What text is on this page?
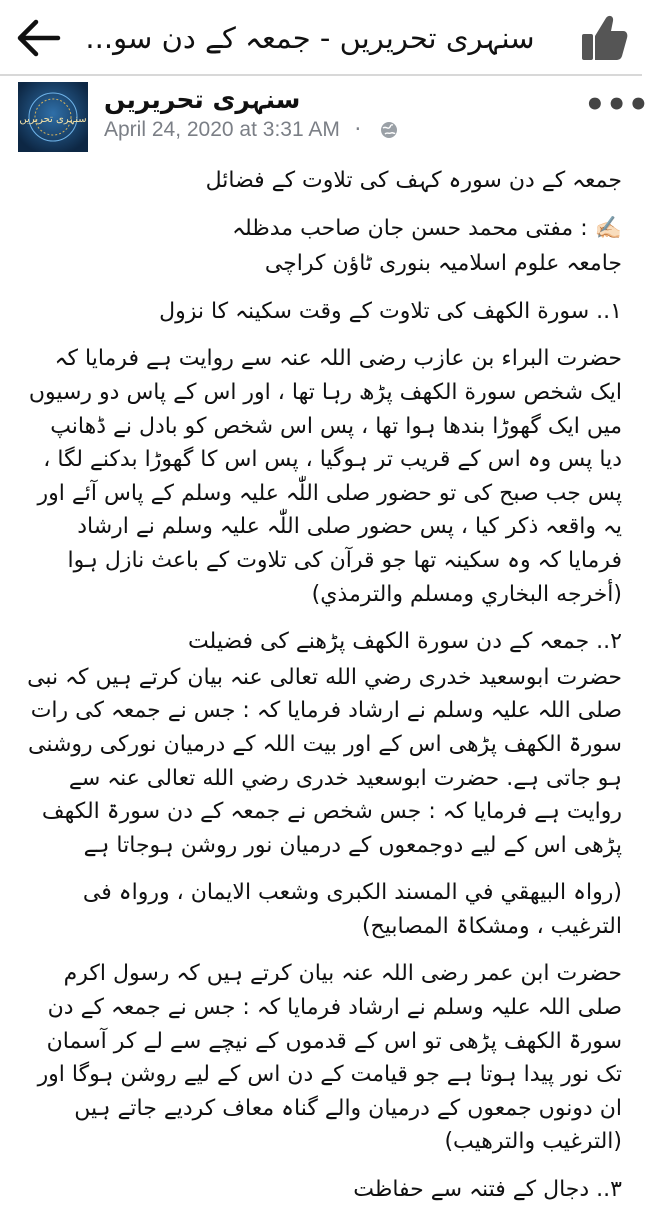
سنہری تحریریں - جمعہ کے دن سو...
سنہری تحریریں
سنہری تحریریں
April 24, 2020 at 3:31 AM ·
•••

جمعہ کے دن سورہ کہف کی تلاوت کے فضائل

✍🏻 : مفتی محمد حسن جان صاحب مدظلہ

جامعہ علوم اسلامیہ بنوری ٹاؤن کراچی

١.. سورة الکھف کی تلاوت کے وقت سکینہ کا نزول

حضرت البراء بن عازب رضی اللہ عنہ سے روایت ہے فرمایا کہ ایک شخص سورة الکھف پڑھ رہا تھا ، اور اس کے پاس دو رسیوں میں ایک گھوڑا بندھا ہوا تھا ، پس اس شخص کو بادل نے ڈھانپ دیا پس وہ اس کے قریب تر ہوگیا ، پس اس کا گھوڑا بدکنے لگا ، پس جب صبح کی تو حضور صلی اللّٰہ علیہ وسلم کے پاس آئے اور یہ واقعہ ذکر کیا ، پس حضور صلی اللّٰہ علیہ وسلم نے ارشاد فرمایا کہ وہ سکینہ تھا جو قرآن کی تلاوت کے باعث نازل ہوا (أخرجه البخاري ومسلم والترمذي)

٢.. جمعہ کے دن سورة الکھف پڑھنے کی فضیلت

حضرت ابوسعید خدری رضي الله تعالی عنہ بیان کرتے ہیں کہ نبی صلی اللہ علیہ وسلم نے ارشاد فرمایا کہ : جس نے جمعہ کی رات سورۃ الکھف پڑھی اس کے اور بیت اللہ کے درمیان نورکی روشنی ہو جاتی ہے. حضرت ابوسعید خدری رضي الله تعالى عنہ سے روایت ہے فرمایا کہ : جس شخص نے جمعہ کے دن سورۃ الکھف پڑھی اس کے لیے دوجمعوں کے درمیان نور روشن ہوجاتا ہے

(رواہ البیھقي في المسند الکبری وشعب الایمان ، ورواہ فی الترغیب ، ومشکاۃ المصابیح)

حضرت ابن عمر رضی اللہ عنہ بیان کرتے ہیں کہ رسول اکرم صلی اللہ علیہ وسلم نے ارشاد فرمایا کہ : جس نے جمعہ کے دن سورۃ الکھف پڑھی تو اس کے قدموں کے نیچے سے لے کر آسمان تک نور پیدا ہوتا ہے جو قیامت کے دن اس کے لیے روشن ہوگا اور ان دونوں جمعوں کے درمیان والے گناہ معاف کردیے جاتے ہیں (الترغیب والترھیب)

٣.. دجال کے فتنہ سے حفاظت
